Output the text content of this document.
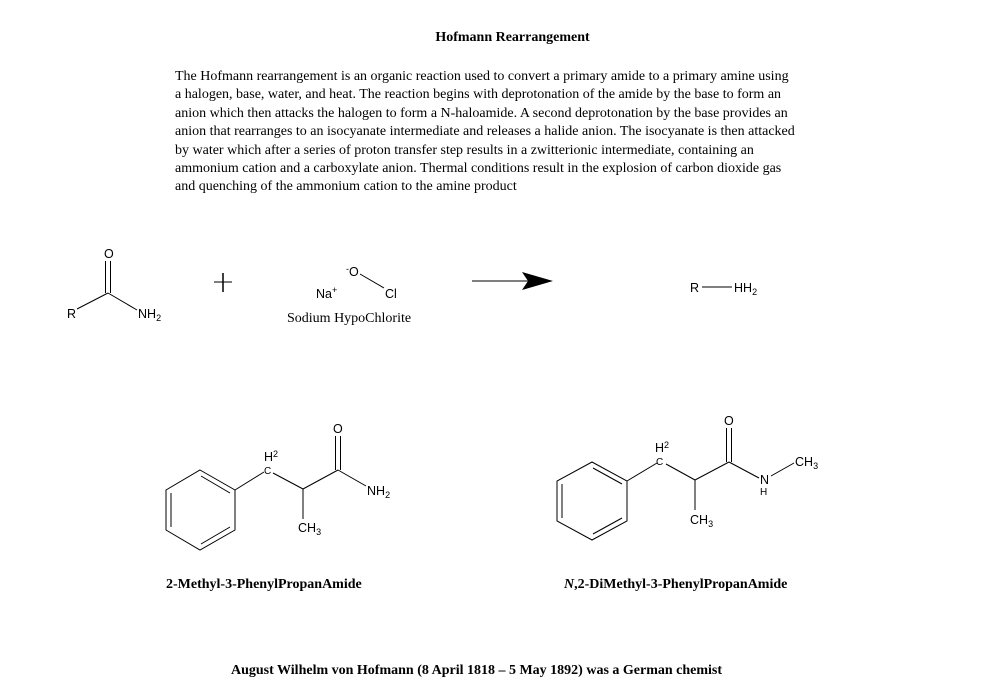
Hofmann Rearrangement
The Hofmann rearrangement is an organic reaction used to convert a primary amide to a primary amine using
a halogen, base, water, and heat. The reaction begins with deprotonation of the amide by the base to form an
anion which then attacks the halogen to form a N-haloamide. A second deprotonation by the base provides an
anion that rearranges to an isocyanate intermediate and releases a halide anion. The isocyanate is then attacked
by water which after a series of proton transfer step results in a zwitterionic intermediate, containing an
ammonium cation and a carboxylate anion. Thermal conditions result in the explosion of carbon dioxide gas
and quenching of the ammonium cation to the amine product
O
R	$NH_2$
Na+
-O
Cl	R	$HH_2$
$H^2$
C
O
$NH_2$
$CH_3$
$H^2$
C
O
N
H
$CH_3$
$CH_3$
Sodium HypoChlorite
2-Methyl-3-PhenylPropanAmide	N,2-DiMethyl-3-PhenylPropanAmide
August Wilhelm von Hofmann (8 April 1818 – 5 May 1892) was a German chemist
